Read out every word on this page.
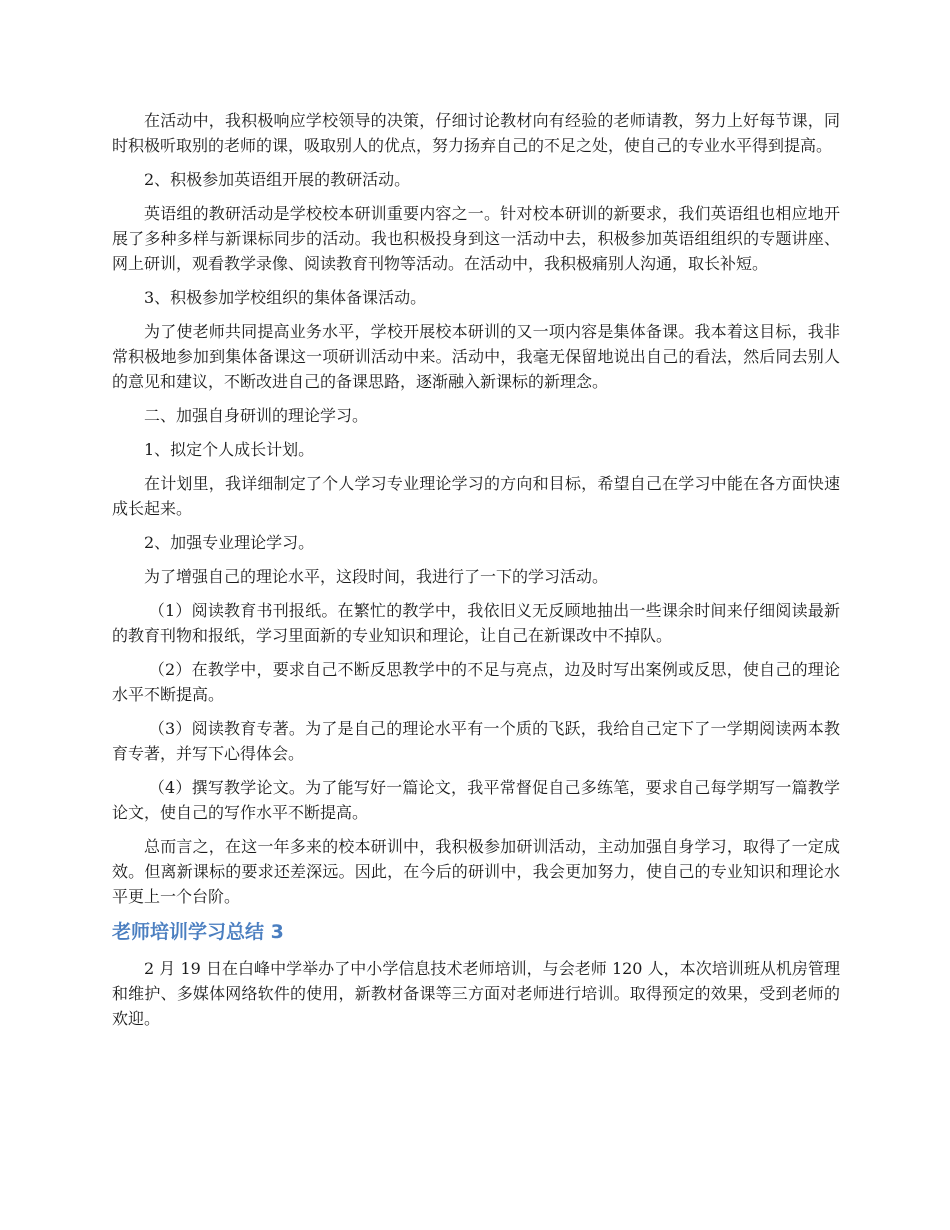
在活动中，我积极响应学校领导的决策，仔细讨论教材向有经验的老师请教，努力上好每节课，同时积极听取别的老师的课，吸取别人的优点，努力扬弃自己的不足之处，使自己的专业水平得到提高。

2、积极参加英语组开展的教研活动。

英语组的教研活动是学校校本研训重要内容之一。针对校本研训的新要求，我们英语组也相应地开展了多种多样与新课标同步的活动。我也积极投身到这一活动中去，积极参加英语组组织的专题讲座、网上研训，观看教学录像、阅读教育刊物等活动。在活动中，我积极痛别人沟通，取长补短。

3、积极参加学校组织的集体备课活动。

为了使老师共同提高业务水平，学校开展校本研训的又一项内容是集体备课。我本着这目标，我非常积极地参加到集体备课这一项研训活动中来。活动中，我毫无保留地说出自己的看法，然后同去别人的意见和建议，不断改进自己的备课思路，逐渐融入新课标的新理念。

二、加强自身研训的理论学习。

1、拟定个人成长计划。

在计划里，我详细制定了个人学习专业理论学习的方向和目标，希望自己在学习中能在各方面快速成长起来。

2、加强专业理论学习。

为了增强自己的理论水平，这段时间，我进行了一下的学习活动。

（1）阅读教育书刊报纸。在繁忙的教学中，我依旧义无反顾地抽出一些课余时间来仔细阅读最新的教育刊物和报纸，学习里面新的专业知识和理论，让自己在新课改中不掉队。

（2）在教学中，要求自己不断反思教学中的不足与亮点，边及时写出案例或反思，使自己的理论水平不断提高。

（3）阅读教育专著。为了是自己的理论水平有一个质的飞跃，我给自己定下了一学期阅读两本教育专著，并写下心得体会。

（4）撰写教学论文。为了能写好一篇论文，我平常督促自己多练笔，要求自己每学期写一篇教学论文，使自己的写作水平不断提高。

总而言之，在这一年多来的校本研训中，我积极参加研训活动，主动加强自身学习，取得了一定成效。但离新课标的要求还差深远。因此，在今后的研训中，我会更加努力，使自己的专业知识和理论水平更上一个台阶。

老师培训学习总结 3

2 月 19 日在白峰中学举办了中小学信息技术老师培训，与会老师 120 人，本次培训班从机房管理和维护、多媒体网络软件的使用，新教材备课等三方面对老师进行培训。取得预定的效果，受到老师的欢迎。
